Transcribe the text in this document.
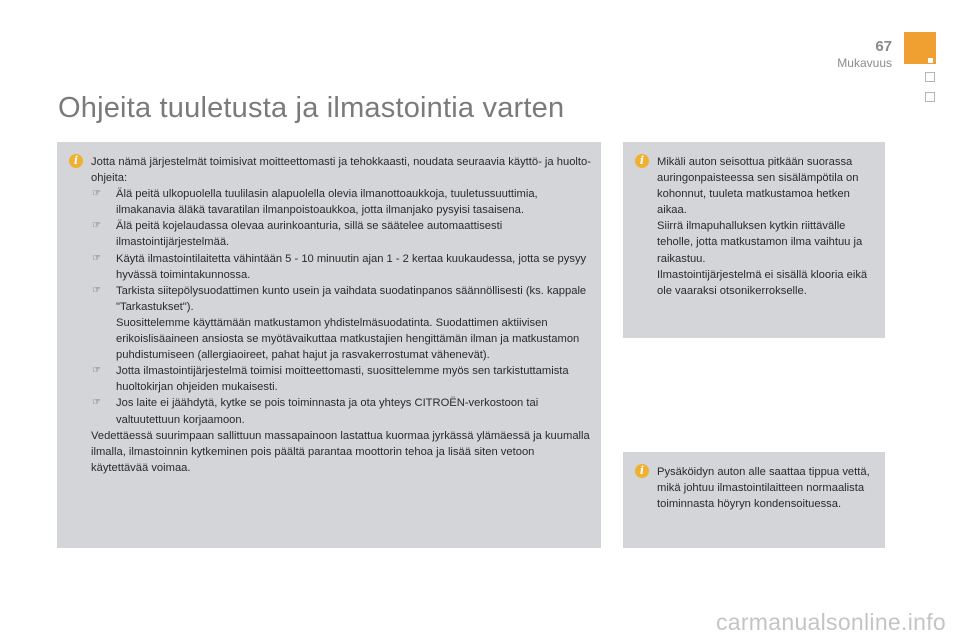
67
Mukavuus
Ohjeita tuuletusta ja ilmastointia varten
i	Jotta nämä järjestelmät toimisivat moitteettomasti ja tehokkaasti, noudata seuraavia käyttö- ja huolto-ohjeita:

☞ Älä peitä ulkopuolella tuulilasin alapuolella olevia ilmanottoaukkoja, tuuletussuuttimia, ilmakanavia äläkä tavaratilan ilmanpoistoaukkoa, jotta ilmanjako pysyisi tasaisena.
☞ Älä peitä kojelaudassa olevaa aurinkoanturia, sillä se säätelee automaattisesti ilmastointijärjestelmää.
☞ Käytä ilmastointilaitetta vähintään 5 - 10 minuutin ajan 1 - 2 kertaa kuukaudessa, jotta se pysyy hyvässä toimintakunnossa.
☞ Tarkista siitepölysuodattimen kunto usein ja vaihdata suodatinpanos säännöllisesti (ks. kappale "Tarkastukset").
Suosittelemme käyttämään matkustamon yhdistelmäsuodatinta. Suodattimen aktiivisen erikoislisäaineen ansiosta se myötävaikuttaa matkustajien hengittämän ilman ja matkustamon puhdistumiseen (allergiaoireet, pahat hajut ja rasvakerrostumat vähenevät).
☞ Jotta ilmastointijärjestelmä toimisi moitteettomasti, suosittelemme myös sen tarkistuttamista huoltokirjan ohjeiden mukaisesti.
☞ Jos laite ei jäähdytä, kytke se pois toiminnasta ja ota yhteys CITROËN-verkostoon tai valtuutettuun korjaamoon.

Vedettäessä suurimpaan sallittuun massapainoon lastattua kuormaa jyrkässä ylämäessä ja kuumalla ilmalla, ilmastoinnin kytkeminen pois päältä parantaa moottorin tehoa ja lisää siten vetoon käytettävää voimaa.

i	Mikäli auton seisottua pitkään suorassa auringonpaisteessa sen sisälämpötila on kohonnut, tuuleta matkustamoa hetken aikaa.

Siirrä ilmapuhalluksen kytkin riittävälle teholle, jotta matkustamon ilma vaihtuu ja raikastuu.

Ilmastointijärjestelmä ei sisällä klooria eikä ole vaaraksi otsonikerrokselle.

i	Pysäköidyn auton alle saattaa tippua vettä, mikä johtuu ilmastointilaitteen normaalista toiminnasta höyryn kondensoituessa.

carmanualsonline.info
